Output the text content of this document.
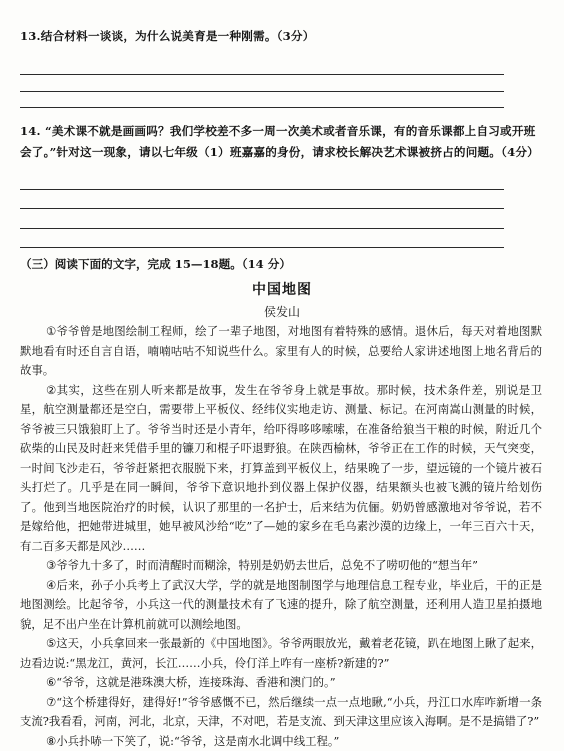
13.结合材料一谈谈，为什么说美育是一种刚需。（3分）
14. “美术课不就是画画吗？我们学校差不多一周一次美术或者音乐课，有的音乐课都上自习或开班会了。”针对这一现象，请以七年级（1）班嘉嘉的身份，请求校长解决艺术课被挤占的问题。（4分）
（三）阅读下面的文字，完成 15—18题。（14 分）
中国地图
侯发山

①爷爷曾是地图绘制工程师，绘了一辈子地图，对地图有着特殊的感情。退休后，每天对着地图默默地看有时还自言自语，喃喃咕咕不知说些什么。家里有人的时候，总要给人家讲述地图上地名背后的故事。

②其实，这些在别人听来都是故事，发生在爷爷身上就是事故。那时候，技术条件差，别说是卫星，航空测量都还是空白，需要带上平板仪、经纬仪实地走访、测量、标记。在河南嵩山测量的时候，爷爷被三只饿狼盯上了。爷爷当时还是小青年，给吓得哆哆嗦嗦，在准备给狼当干粮的时候，附近几个砍柴的山民及时赶来凭借手里的镰刀和棍子吓退野狼。在陕西榆林，爷爷正在工作的时候，天气突变，一时间飞沙走石，爷爷赶紧把衣服脱下来，打算盖到平板仪上，结果晚了一步，望远镜的一个镜片被石头打烂了。几乎是在同一瞬间，爷爷下意识地扑到仪器上保护仪器，结果额头也被飞溅的镜片给划伤了。他到当地医院治疗的时候，认识了那里的一名护士，后来结为伉俪。奶奶曾感激地对爷爷说，若不是嫁给他，把她带进城里，她早被风沙给“吃”了—她的家乡在毛乌素沙漠的边缘上，一年三百六十天，有二百多天都是风沙……

③爷爷九十多了，时而清醒时而糊涂，特别是奶奶去世后，总免不了唠叨他的“想当年”

④后来，孙子小兵考上了武汉大学，学的就是地图制图学与地理信息工程专业，毕业后，干的正是地图测绘。比起爷爷，小兵这一代的测量技术有了飞速的提升，除了航空测量，还利用人造卫星拍摄地貌，足不出户坐在计算机前就可以测绘地图。

⑤这天，小兵拿回来一张最新的《中国地图》。爷爷两眼放光，戴着老花镜，趴在地图上瞅了起来，边看边说:“黑龙江，黄河，长江……小兵，伶仃洋上咋有一座桥?新建的?”

⑥“爷爷，这就是港珠澳大桥，连接珠海、香港和澳门的。”

⑦“这个桥建得好，建得好!”爷爷感慨不已，然后继续一点一点地瞅,“小兵，丹江口水库咋新增一条支流?我看看，河南，河北，北京，天津，不对吧，若是支流、到天津这里应该入海啊。是不是搞错了?”

⑧小兵扑哧一下笑了，说:“爷爷，这是南水北调中线工程。”
